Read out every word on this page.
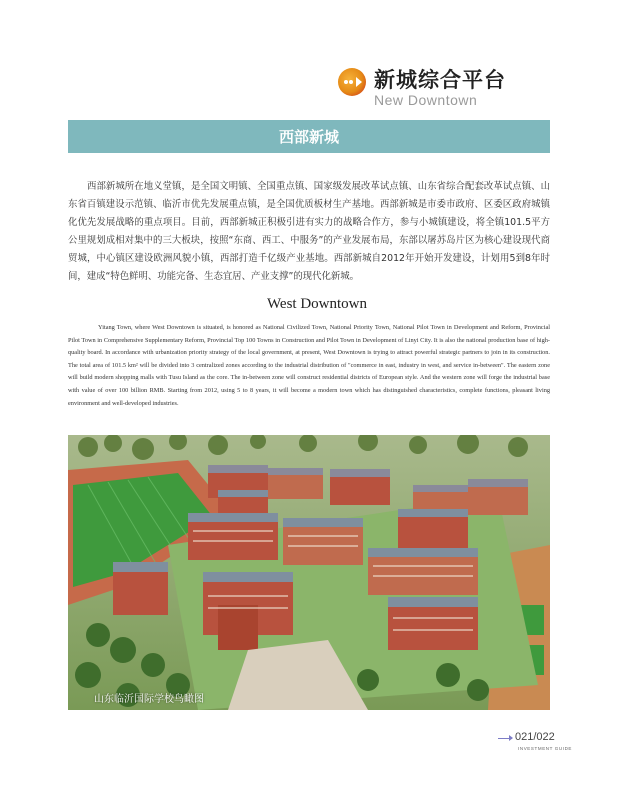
新城综合平台
New Downtown
西部新城

西部新城所在地义堂镇，是全国文明镇、全国重点镇、国家级发展改革试点镇、山东省综合配套改革试点镇、山东省百镇建设示范镇、临沂市优先发展重点镇，是全国优质板材生产基地。西部新城是市委市政府、区委区政府城镇化优先发展战略的重点项目。目前，西部新城正积极引进有实力的战略合作方，参与小城镇建设，将全镇101.5平方公里规划成相对集中的三大板块，按照“东商、西工、中服务”的产业发展布局，东部以屠苏岛片区为核心建设现代商贸城，中心镇区建设欧洲风貌小镇，西部打造千亿级产业基地。西部新城自2012年开始开发建设，计划用5到8年时间，建成“特色鲜明、功能完备、生态宜居、产业支撑”的现代化新城。

West Downtown

Yitang Town, where West Downtown is situated, is honored as National Civilized Town, National Priority Town, National Pilot Town in Development and Reform, Provincial Pilot Town in Comprehensive Supplementary Reform, Provincial Top 100 Towns in Construction and Pilot Town in Development of Linyi City. It is also the national production base of high-quality board. In accordance with urbanization priority strategy of the local government, at present, West Downtown is trying to attract powerful strategic partners to join in its construction. The total area of 101.5 km² will be divided into 3 centralized zones according to the industrial distribution of "commerce in east, industry in west, and service in-between". The eastern zone will build modern shopping malls with Tusu Island as the core. The in-between zone will construct residential districts of European style. And the western zone will forge the industrial base with value of over 100 billion RMB. Starting from 2012, using 5 to 8 years, it will become a modern town which has distinguished characteristics, complete functions, pleasant living environment and well-developed industries.

山东临沂国际学校鸟瞰图
021/022
INVESTMENT GUIDE
